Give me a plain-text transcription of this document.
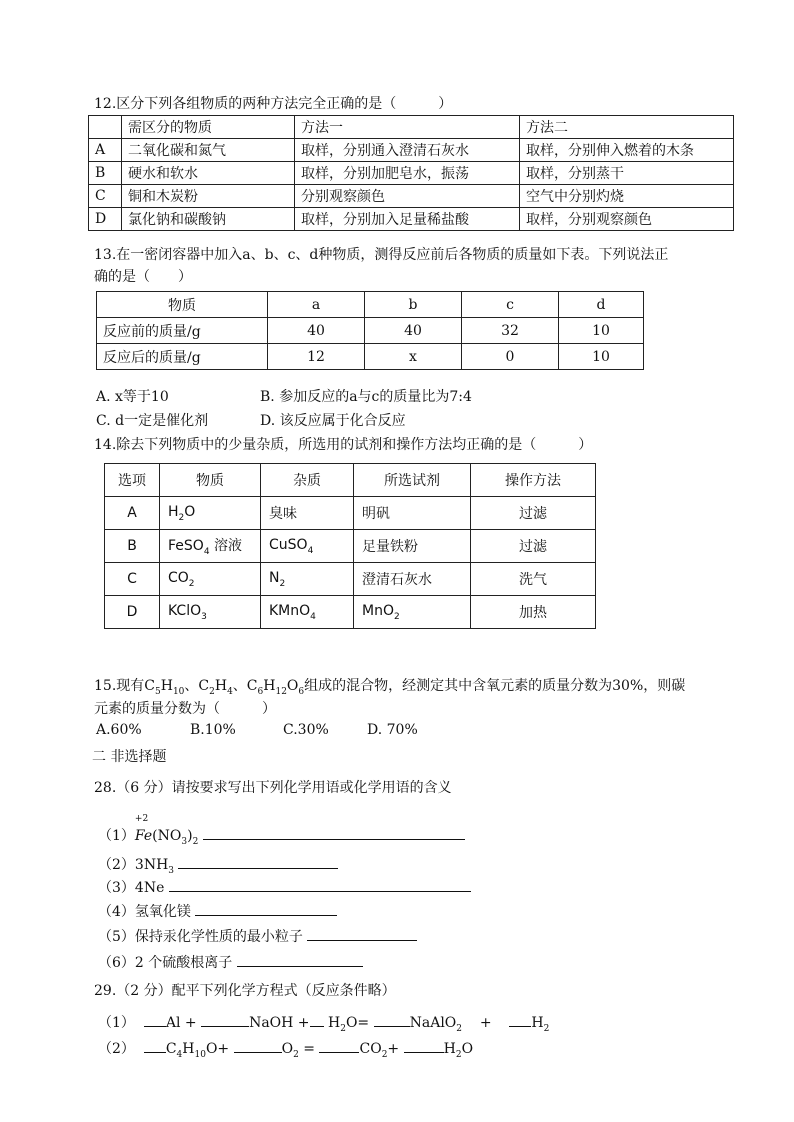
12.区分下列各组物质的两种方法完全正确的是（　　　）
	需区分的物质	方法一	方法二
A	二氧化碳和氮气	取样，分别通入澄清石灰水	取样，分别伸入燃着的木条
B	硬水和软水	取样，分别加肥皂水，振荡	取样，分别蒸干
C	铜和木炭粉	分别观察颜色	空气中分别灼烧
D	氯化钠和碳酸钠	取样，分别加入足量稀盐酸	取样，分别观察颜色
13.在一密闭容器中加入a、b、c、d种物质，测得反应前后各物质的质量如下表。下列说法正
确的是（　　）
物质	a	b	c	d
反应前的质量/g	40	40	32	10
反应后的质量/g	12	x	0	10
A. x等于10	B. 参加反应的a与c的质量比为7:4
C. d一定是催化剂	D. 该反应属于化合反应
14.除去下列物质中的少量杂质，所选用的试剂和操作方法均正确的是（　　　）
选项	物质	杂质	所选试剂	操作方法
A	$H_2O$	臭味	明矾	过滤
B	FeSO$_4$ 溶液	CuSO$_4$	足量铁粉	过滤
C	$CO_2$	$N_2$	澄清石灰水	洗气
D	KClO$_3$	KMnO$_4$	MnO$_2$	加热
15.现有$C_5H_{10}$、$C_2H_4$、$C_6H_{12}O_6$组成的混合物，经测定其中含氧元素的质量分数为30%，则碳
元素的质量分数为（　　　）
A.60%	B.10%	C.30%	D. 70%
二 非选择题
28.（6 分）请按要求写出下列化学用语或化学用语的含义
（1）
+2
$Fe(NO_3)_2$
$(2)3NH_3$
（3）4Ne
（4）氢氧化镁
（5）保持汞化学性质的最小粒子
（6）2 个硫酸根离子
29.（2 分）配平下列化学方程式（反应条件略）
（1） Al +	NaOH + $H_2O=$	NaAlO$_2$ +	$H_2$
（2） $C_4H_{10}O+$	$O_2$ =	$CO_2+$	$H_2O$
